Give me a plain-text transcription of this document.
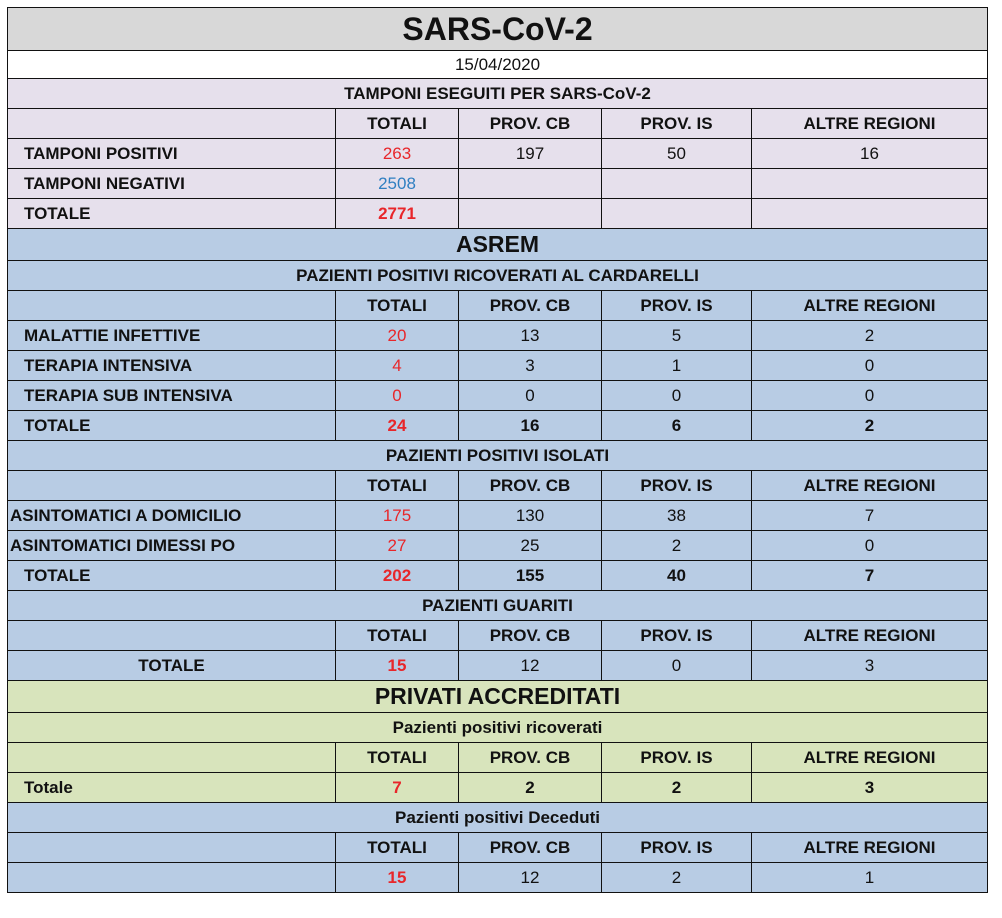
SARS-CoV-2				
15/04/2020				
TAMPONI ESEGUITI PER SARS-CoV-2				
	TOTALI	PROV. CB	PROV. IS	ALTRE REGIONI
TAMPONI POSITIVI	263	197	50	16
TAMPONI NEGATIVI	2508			
TOTALE	2771			
ASREM				
PAZIENTI POSITIVI RICOVERATI AL CARDARELLI				
	TOTALI	PROV. CB	PROV. IS	ALTRE REGIONI
MALATTIE INFETTIVE	20	13	5	2
TERAPIA INTENSIVA	4	3	1	0
TERAPIA SUB INTENSIVA	0	0	0	0
TOTALE	24	16	6	2
PAZIENTI POSITIVI ISOLATI				
	TOTALI	PROV. CB	PROV. IS	ALTRE REGIONI
ASINTOMATICI A DOMICILIO	175	130	38	7
ASINTOMATICI DIMESSI PO	27	25	2	0
TOTALE	202	155	40	7
PAZIENTI GUARITI				
	TOTALI	PROV. CB	PROV. IS	ALTRE REGIONI
TOTALE	15	12	0	3
PRIVATI ACCREDITATI				
Pazienti positivi ricoverati				
	TOTALI	PROV. CB	PROV. IS	ALTRE REGIONI
Totale	7	2	2	3
Pazienti positivi Deceduti				
	TOTALI	PROV. CB	PROV. IS	ALTRE REGIONI
	15	12	2	1
